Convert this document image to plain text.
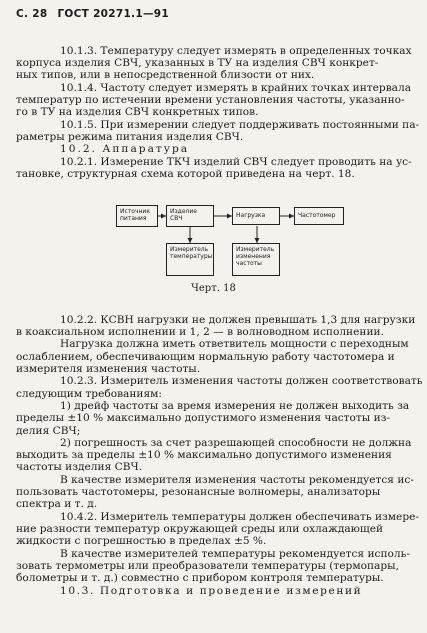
С. 28 ГОСТ 20271.1—91
10.1.3. Температуру следует измерять в определенных точках
корпуса изделия СВЧ, указанных в ТУ на изделия СВЧ конкрет-
ных типов, или в непосредственной близости от них.
10.1.4. Частоту следует измерять в крайних точках интервала
температур по истечении времени установления частоты, указанно-
го в ТУ на изделия СВЧ конкретных типов.
10.1.5. При измерении следует поддерживать постоянными па-
раметры режима питания изделия СВЧ.
10.2. Аппаратура
10.2.1. Измерение ТКЧ изделий СВЧ следует проводить на ус-
тановке, структурная схема которой приведена на черт. 18.
Источник питания
Изделие СВЧ	Нагрузка	Частотомер
Измеритель температуры
Измеритель изменения частоты
Черт. 18
10.2.2. КСВН нагрузки не должен превышать 1,3 для нагрузки
в коаксиальном исполнении и 1, 2 — в волноводном исполнении.
Нагрузка должна иметь ответвитель мощности с переходным
ослаблением, обеспечивающим нормальную работу частотомера и
измерителя изменения частоты.
10.2.3. Измеритель изменения частоты должен соответствовать
следующим требованиям:
1) дрейф частоты за время измерения не должен выходить за
пределы ±10 % максимально допустимого изменения частоты из-
делия СВЧ;
2) погрешность за счет разрешающей способности не должна
выходить за пределы ±10 % максимально допустимого изменения
частоты изделия СВЧ.
В качестве измерителя изменения частоты рекомендуется ис-
пользовать частотомеры, резонансные волномеры, анализаторы
спектра и т. д.
10.4.2. Измеритель температуры должен обеспечивать измере-
ние разности температур окружающей среды или охлаждающей
жидкости с погрешностью в пределах ±5 %.
В качестве измерителей температуры рекомендуется исполь-
зовать термометры или преобразователи температуры (термопары,
болометры и т. д.) совместно с прибором контроля температуры.
10.3. Подготовка и проведение измерений
